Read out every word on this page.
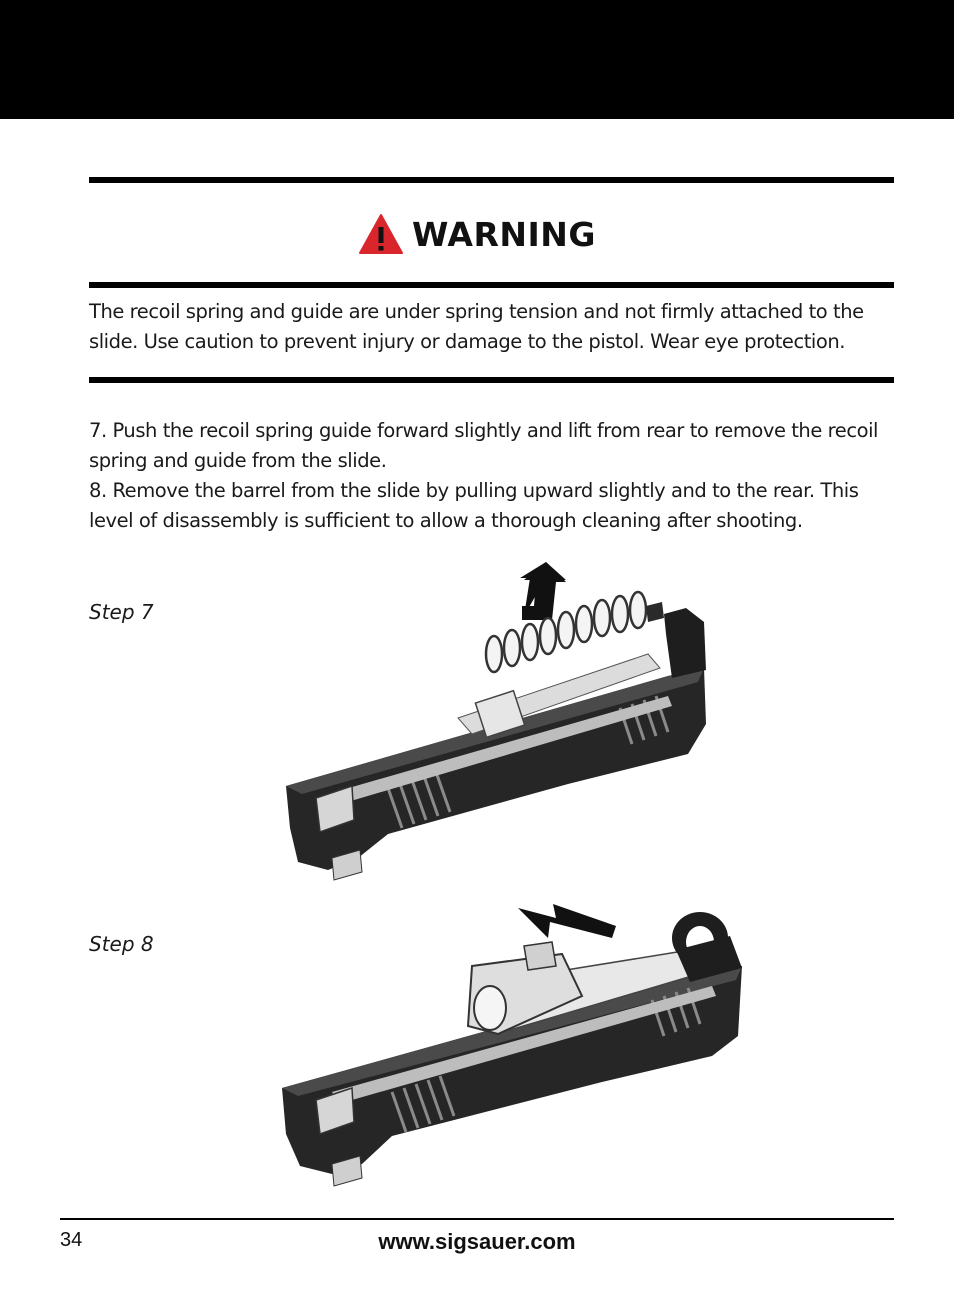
WARNING

The recoil spring and guide are under spring tension and not firmly attached to the slide. Use caution to prevent injury or damage to the pistol. Wear eye protection.

7. Push the recoil spring guide forward slightly and lift from rear to remove the recoil spring and guide from the slide.

8. Remove the barrel from the slide by pulling upward slightly and to the rear. This level of disassembly is sufficient to allow a thorough cleaning after shooting.

Step 7
Step 8
34	www.sigsauer.com
